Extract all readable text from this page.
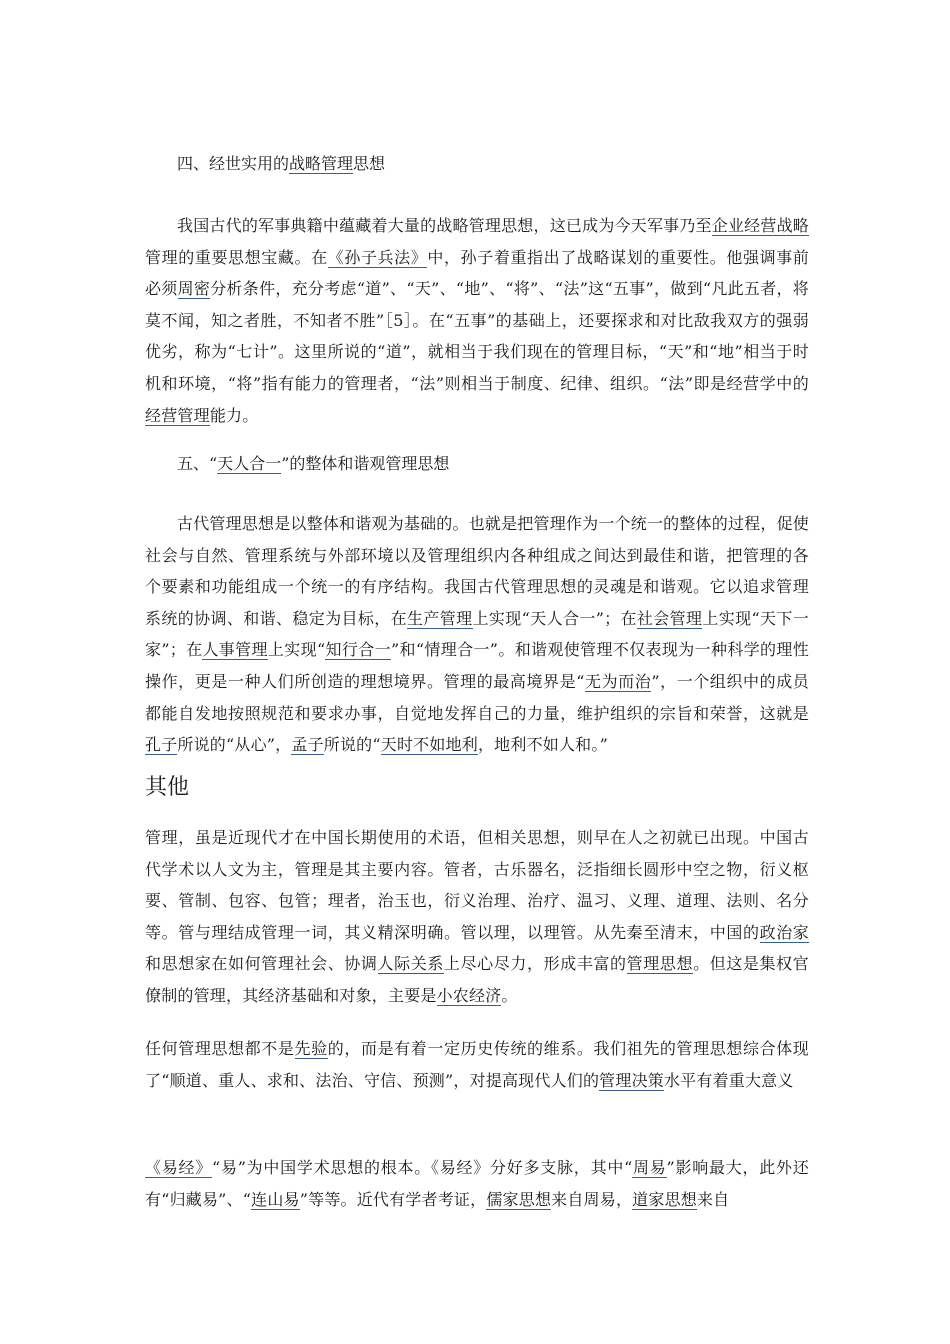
四、经世实用的战略管理思想

我国古代的军事典籍中蕴藏着大量的战略管理思想，这已成为今天军事乃至企业经营战略管理的重要思想宝藏。在《孙子兵法》中，孙子着重指出了战略谋划的重要性。他强调事前必须周密分析条件，充分考虑“道”、“天”、“地”、“将”、“法”这“五事”，做到“凡此五者，将莫不闻，知之者胜，不知者不胜”［5］。在“五事”的基础上，还要探求和对比敌我双方的强弱优劣，称为“七计”。这里所说的“道”，就相当于我们现在的管理目标，“天”和“地”相当于时机和环境，“将”指有能力的管理者，“法”则相当于制度、纪律、组织。“法”即是经营学中的经营管理能力。

五、“天人合一”的整体和谐观管理思想

古代管理思想是以整体和谐观为基础的。也就是把管理作为一个统一的整体的过程，促使社会与自然、管理系统与外部环境以及管理组织内各种组成之间达到最佳和谐，把管理的各个要素和功能组成一个统一的有序结构。我国古代管理思想的灵魂是和谐观。它以追求管理系统的协调、和谐、稳定为目标，在生产管理上实现“天人合一”；在社会管理上实现“天下一家”；在人事管理上实现“知行合一”和“情理合一”。和谐观使管理不仅表现为一种科学的理性操作，更是一种人们所创造的理想境界。管理的最高境界是“无为而治”，一个组织中的成员都能自发地按照规范和要求办事，自觉地发挥自己的力量，维护组织的宗旨和荣誉，这就是孔子所说的“从心”，孟子所说的“天时不如地利，地利不如人和。”

其他

管理，虽是近现代才在中国长期使用的术语，但相关思想，则早在人之初就已出现。中国古代学术以人文为主，管理是其主要内容。管者，古乐器名，泛指细长圆形中空之物，衍义枢要、管制、包容、包管；理者，治玉也，衍义治理、治疗、温习、义理、道理、法则、名分等。管与理结成管理一词，其义精深明确。管以理，以理管。从先秦至清末，中国的政治家和思想家在如何管理社会、协调人际关系上尽心尽力，形成丰富的管理思想。但这是集权官僚制的管理，其经济基础和对象，主要是小农经济。

任何管理思想都不是先验的，而是有着一定历史传统的维系。我们祖先的管理思想综合体现了“顺道、重人、求和、法治、守信、预测”，对提高现代人们的管理决策水平有着重大意义

《易经》“易”为中国学术思想的根本。《易经》分好多支脉，其中“周易”影响最大，此外还有“归藏易”、“连山易”等等。近代有学者考证，儒家思想来自周易，道家思想来自
